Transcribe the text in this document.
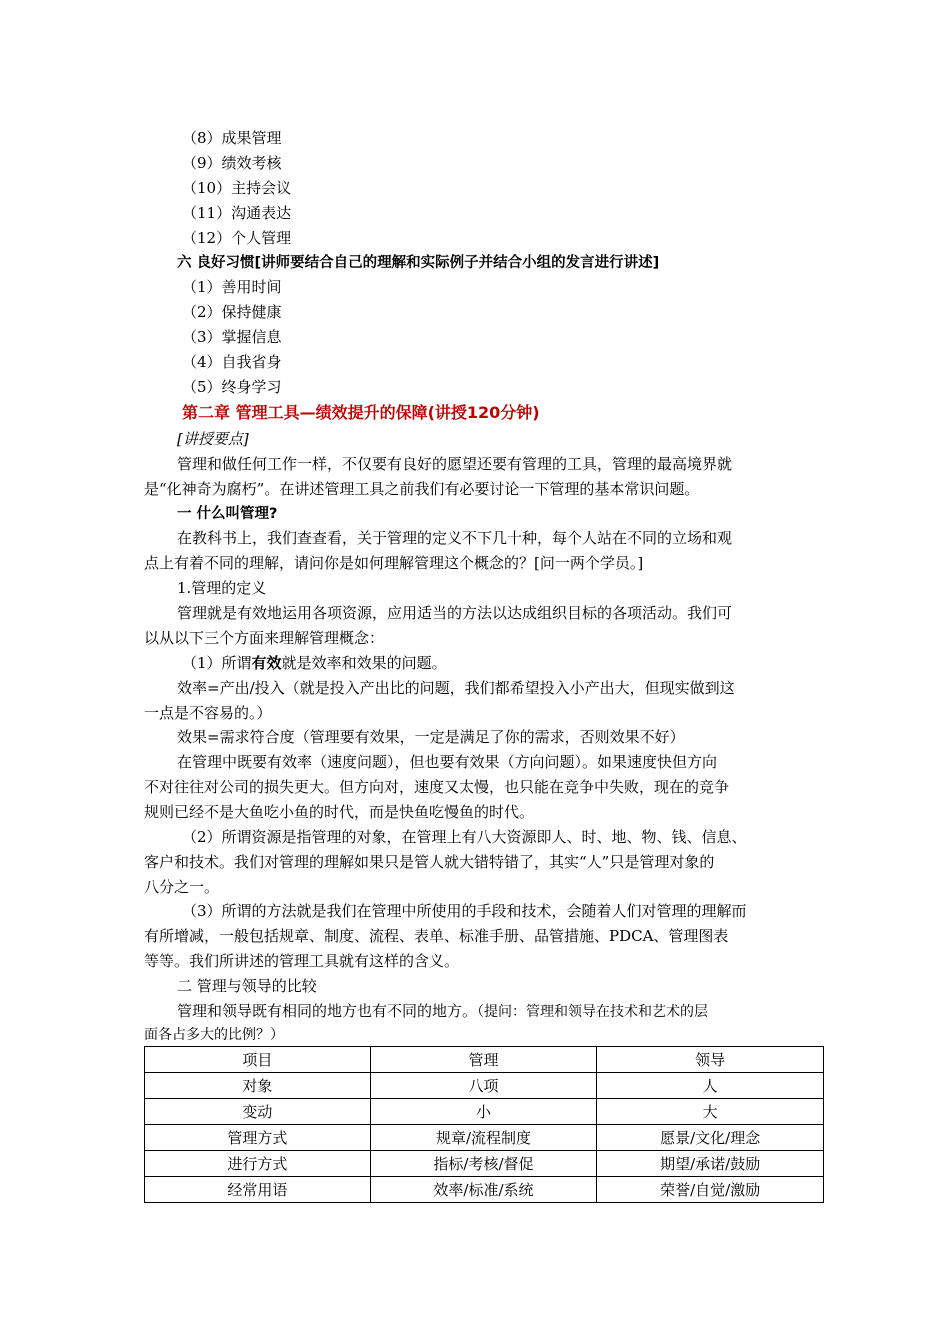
（8）成果管理
（9）绩效考核
（10）主持会议
（11）沟通表达
（12）个人管理
六 良好习惯[讲师要结合自己的理解和实际例子并结合小组的发言进行讲述]
（1）善用时间
（2）保持健康
（3）掌握信息
（4）自我省身
（5）终身学习
第二章 管理工具—绩效提升的保障(讲授120分钟)
[讲授要点]
管理和做任何工作一样，不仅要有良好的愿望还要有管理的工具，管理的最高境界就
是“化神奇为腐朽”。在讲述管理工具之前我们有必要讨论一下管理的基本常识问题。
一 什么叫管理?
在教科书上，我们查查看，关于管理的定义不下几十种，每个人站在不同的立场和观
点上有着不同的理解，请问你是如何理解管理这个概念的？[问一两个学员。]
1.管理的定义
管理就是有效地运用各项资源，应用适当的方法以达成组织目标的各项活动。我们可
以从以下三个方面来理解管理概念：
（1）所谓有效就是效率和效果的问题。
效率=产出/投入（就是投入产出比的问题，我们都希望投入小产出大，但现实做到这
一点是不容易的。）
效果=需求符合度（管理要有效果，一定是满足了你的需求，否则效果不好）
在管理中既要有效率（速度问题），但也要有效果（方向问题）。如果速度快但方向
不对往往对公司的损失更大。但方向对，速度又太慢，也只能在竞争中失败，现在的竞争
规则已经不是大鱼吃小鱼的时代，而是快鱼吃慢鱼的时代。
（2）所谓资源是指管理的对象，在管理上有八大资源即人、时、地、物、钱、信息、
客户和技术。我们对管理的理解如果只是管人就大错特错了，其实“人”只是管理对象的
八分之一。
（3）所谓的方法就是我们在管理中所使用的手段和技术，会随着人们对管理的理解而
有所增减，一般包括规章、制度、流程、表单、标准手册、品管措施、PDCA、管理图表
等等。我们所讲述的管理工具就有这样的含义。
二 管理与领导的比较
管理和领导既有相同的地方也有不同的地方。（提问：管理和领导在技术和艺术的层
面各占多大的比例？）
项目	管理	领导
对象	八项	人
变动	小	大
管理方式	规章/流程制度	愿景/文化/理念
进行方式	指标/考核/督促	期望/承诺/鼓励
经常用语	效率/标准/系统	荣誉/自觉/激励
